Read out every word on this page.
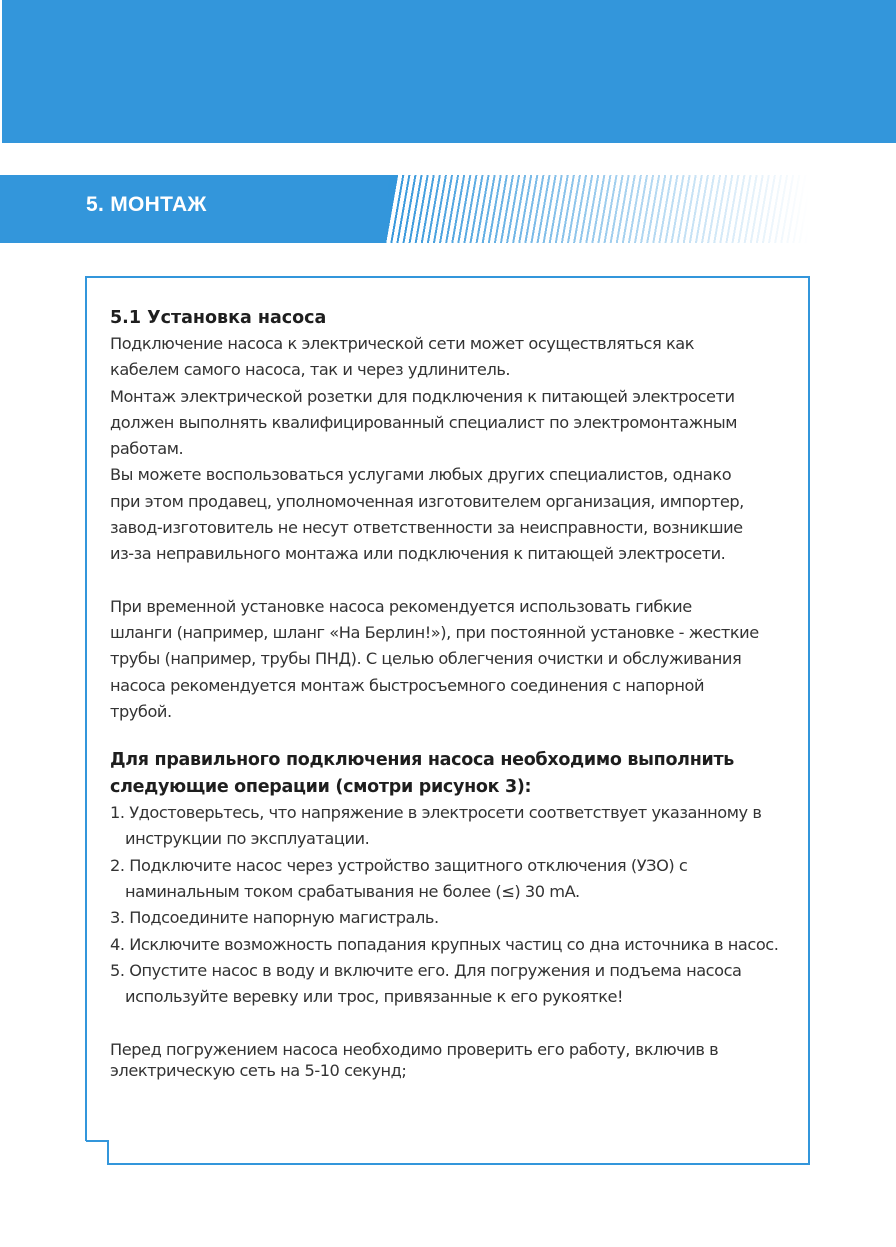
5. МОНТАЖ
5.1 Установка насоса

Подключение насоса к электрической сети может осуществляться как

кабелем самого насоса, так и через удлинитель.

Монтаж электрической розетки для подключения к питающей электросети

должен выполнять квалифицированный специалист по электромонтажным

работам.

Вы можете воспользоваться услугами любых других специалистов, однако

при этом продавец, уполномоченная изготовителем организация, импортер,

завод-изготовитель не несут ответственности за неисправности, возникшие

из-за неправильного монтажа или подключения к питающей электросети.

При временной установке насоса рекомендуется использовать гибкие

шланги (например, шланг «На Берлин!»), при постоянной установке - жесткие

трубы (например, трубы ПНД). С целью облегчения очистки и обслуживания

насоса рекомендуется монтаж быстросъемного соединения с напорной

трубой.

Для правильного подключения насоса необходимо выполнить
следующие операции (смотри рисунок 3):
1. Удостоверьтесь, что напряжение в электросети соответствует указанному в инструкции по эксплуатации.
2. Подключите насос через устройство защитного отключения (УЗО) с наминальным током срабатывания не более (≤) 30 mA.
3. Подсоедините напорную магистраль.
4. Исключите возможность попадания крупных частиц со дна источника в насос.
5. Опустите насос в воду и включите его. Для погружения и подъема насоса используйте веревку или трос, привязанные к его рукоятке!

Перед погружением насоса необходимо проверить его работу, включив в

электрическую сеть на 5-10 секунд;
